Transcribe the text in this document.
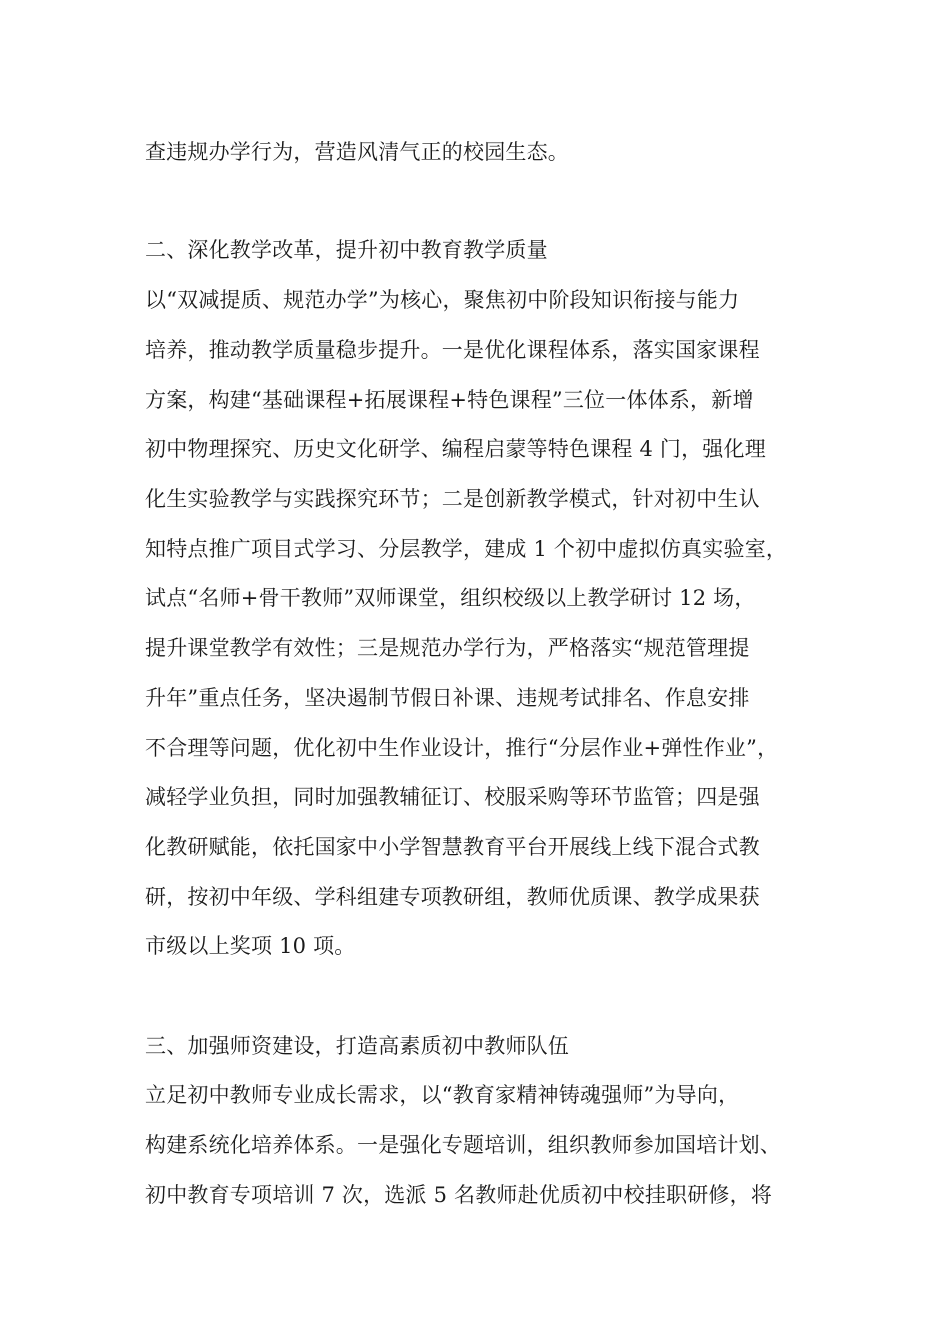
查违规办学行为，营造风清气正的校园生态。

二、深化教学改革，提升初中教育教学质量

以“双减提质、规范办学”为核心，聚焦初中阶段知识衔接与能力

培养，推动教学质量稳步提升。一是优化课程体系，落实国家课程

方案，构建“基础课程+拓展课程+特色课程”三位一体体系，新增

初中物理探究、历史文化研学、编程启蒙等特色课程 4 门，强化理

化生实验教学与实践探究环节；二是创新教学模式，针对初中生认

知特点推广项目式学习、分层教学，建成 1 个初中虚拟仿真实验室，

试点“名师+骨干教师”双师课堂，组织校级以上教学研讨 12 场，

提升课堂教学有效性；三是规范办学行为，严格落实“规范管理提

升年”重点任务，坚决遏制节假日补课、违规考试排名、作息安排

不合理等问题，优化初中生作业设计，推行“分层作业+弹性作业”，

减轻学业负担，同时加强教辅征订、校服采购等环节监管；四是强

化教研赋能，依托国家中小学智慧教育平台开展线上线下混合式教

研，按初中年级、学科组建专项教研组，教师优质课、教学成果获

市级以上奖项 10 项。

三、加强师资建设，打造高素质初中教师队伍

立足初中教师专业成长需求，以“教育家精神铸魂强师”为导向，

构建系统化培养体系。一是强化专题培训，组织教师参加国培计划、

初中教育专项培训 7 次，选派 5 名教师赴优质初中校挂职研修，将
